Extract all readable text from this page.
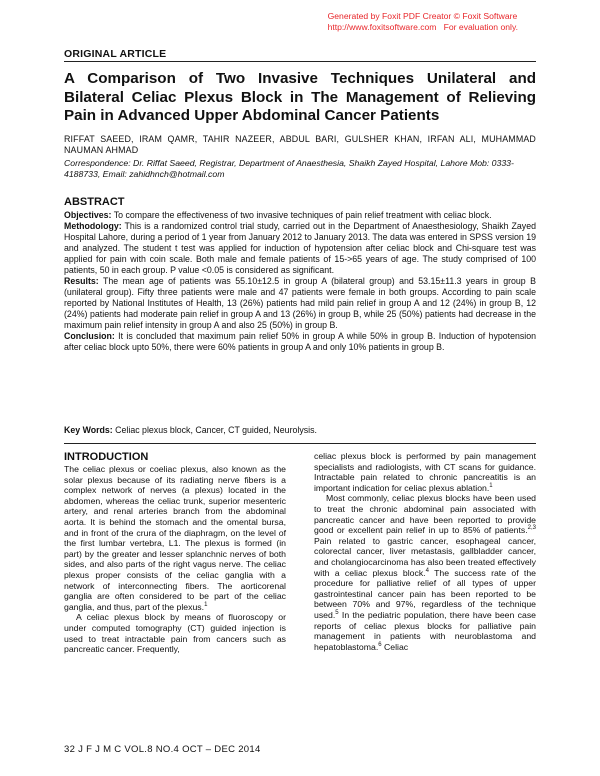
Generated by Foxit PDF Creator © Foxit Software
http://www.foxitsoftware.com   For evaluation only.
ORIGINAL ARTICLE
A Comparison of Two Invasive Techniques Unilateral and Bilateral Celiac Plexus Block in The Management of Relieving Pain in Advanced Upper Abdominal Cancer Patients

RIFFAT SAEED, IRAM QAMR, TAHIR NAZEER, ABDUL BARI, GULSHER KHAN, IRFAN ALI, MUHAMMAD NAUMAN AHMAD

Correspondence: Dr. Riffat Saeed, Registrar, Department of Anaesthesia, Shaikh Zayed Hospital, Lahore Mob: 0333-4188733, Email: zahidhnch@hotmail.com

ABSTRACT

Objectives: To compare the effectiveness of two invasive techniques of pain relief treatment with celiac block.

Methodology: This is a randomized control trial study, carried out in the Department of Anaesthesiology, Shaikh Zayed Hospital Lahore, during a period of 1 year from January 2012 to January 2013. The data was entered in SPSS version 19 and analyzed. The student t test was applied for induction of hypotension after celiac block and Chi-square test was applied for pain with coin scale. Both male and female patients of 15->65 years of age. The study comprised of 100 patients, 50 in each group. P value <0.05 is considered as significant.

Results: The mean age of patients was 55.10±12.5 in group A (bilateral group) and 53.15±11.3 years in group B (unilateral group). Fifty three patients were male and 47 patients were female in both groups. According to pain scale reported by National Institutes of Health, 13 (26%) patients had mild pain relief in group A and 12 (24%) in group B, 12 (24%) patients had moderate pain relief in group A and 13 (26%) in group B, while 25 (50%) patients had decrease in the maximum pain relief intensity in group A and also 25 (50%) in group B.

Conclusion: It is concluded that maximum pain relief 50% in group A while 50% in group B. Induction of hypotension after celiac block upto 50%, there were 60% patients in group A and only 10% patients in group B.

Key Words: Celiac plexus block, Cancer, CT guided, Neurolysis.

INTRODUCTION

The celiac plexus or coeliac plexus, also known as the solar plexus because of its radiating nerve fibers is a complex network of nerves (a plexus) located in the abdomen, whereas the celiac trunk, superior mesenteric artery, and renal arteries branch from the abdominal aorta. It is behind the stomach and the omental bursa, and in front of the crura of the diaphragm, on the level of the first lumbar vertebra, L1. The plexus is formed (in part) by the greater and lesser splanchnic nerves of both sides, and also parts of the right vagus nerve. The celiac plexus proper consists of the celiac ganglia with a network of interconnecting fibers. The aorticorenal ganglia are often considered to be part of the celiac ganglia, and thus, part of the plexus.$^1$

A celiac plexus block by means of fluoroscopy or under computed tomography (CT) guided injection is used to treat intractable pain from cancers such as pancreatic cancer. Frequently,

celiac plexus block is performed by pain management specialists and radiologists, with CT scans for guidance. Intractable pain related to chronic pancreatitis is an important indication for celiac plexus ablation.$^1$

Most commonly, celiac plexus blocks have been used to treat the chronic abdominal pain associated with pancreatic cancer and have been reported to provide good or excellent pain relief in up to 85% of patients.$^{2,3}$ Pain related to gastric cancer, esophageal cancer, colorectal cancer, liver metastasis, gallbladder cancer, and cholangiocarcinoma has also been treated effectively with a celiac plexus block.$^4$ The success rate of the procedure for palliative relief of all types of upper gastrointestinal cancer pain has been reported to be between 70% and 97%, regardless of the technique used.$^5$ In the pediatric population, there have been case reports of celiac plexus blocks for palliative pain management in patients with neuroblastoma and hepatoblastoma.$^6$ Celiac

32 J F J M C VOL.8 NO.4 OCT – DEC 2014
